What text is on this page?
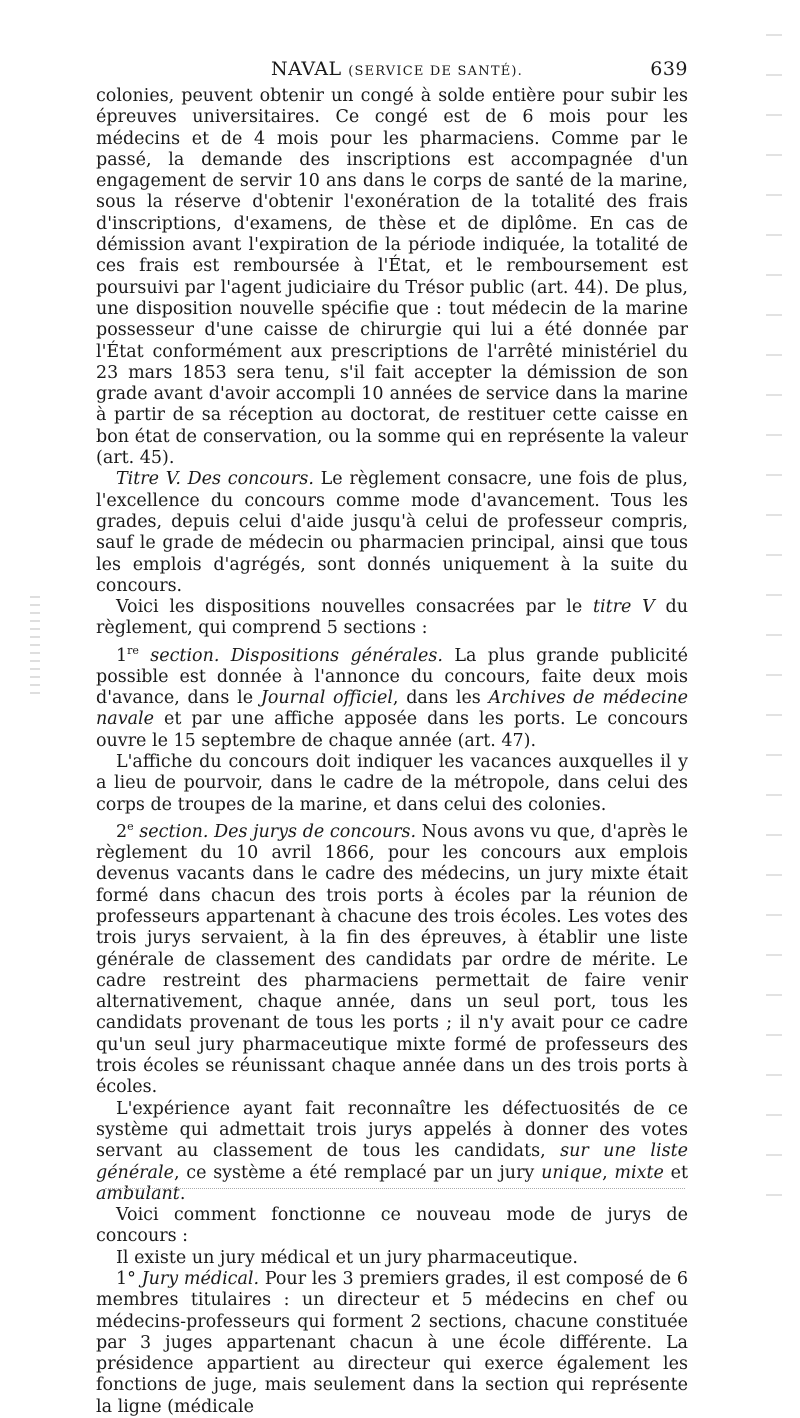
NAVAL (SERVICE DE SANTÉ).	639

colonies, peuvent obtenir un congé à solde entière pour subir les épreuves universitaires. Ce congé est de 6 mois pour les médecins et de 4 mois pour les pharmaciens. Comme par le passé, la demande des inscriptions est accompagnée d'un engagement de servir 10 ans dans le corps de santé de la marine, sous la réserve d'obtenir l'exonération de la totalité des frais d'inscriptions, d'examens, de thèse et de diplôme. En cas de démission avant l'expiration de la période indiquée, la totalité de ces frais est remboursée à l'État, et le remboursement est poursuivi par l'agent judiciaire du Trésor public (art. 44). De plus, une disposition nouvelle spécifie que : tout médecin de la marine possesseur d'une caisse de chirurgie qui lui a été donnée par l'État conformément aux prescriptions de l'arrêté ministériel du 23 mars 1853 sera tenu, s'il fait accepter la démission de son grade avant d'avoir accompli 10 années de service dans la marine à partir de sa réception au doctorat, de restituer cette caisse en bon état de conservation, ou la somme qui en représente la valeur (art. 45).

Titre V. Des concours. Le règlement consacre, une fois de plus, l'excellence du concours comme mode d'avancement. Tous les grades, depuis celui d'aide jusqu'à celui de professeur compris, sauf le grade de médecin ou pharmacien principal, ainsi que tous les emplois d'agrégés, sont donnés uniquement à la suite du concours.

Voici les dispositions nouvelles consacrées par le titre V du règlement, qui comprend 5 sections :

1re section. Dispositions générales. La plus grande publicité possible est donnée à l'annonce du concours, faite deux mois d'avance, dans le Journal officiel, dans les Archives de médecine navale et par une affiche apposée dans les ports. Le concours ouvre le 15 septembre de chaque année (art. 47).

L'affiche du concours doit indiquer les vacances auxquelles il y a lieu de pourvoir, dans le cadre de la métropole, dans celui des corps de troupes de la marine, et dans celui des colonies.

2e section. Des jurys de concours. Nous avons vu que, d'après le règlement du 10 avril 1866, pour les concours aux emplois devenus vacants dans le cadre des médecins, un jury mixte était formé dans chacun des trois ports à écoles par la réunion de professeurs appartenant à chacune des trois écoles. Les votes des trois jurys servaient, à la fin des épreuves, à établir une liste générale de classement des candidats par ordre de mérite. Le cadre restreint des pharmaciens permettait de faire venir alternativement, chaque année, dans un seul port, tous les candidats provenant de tous les ports ; il n'y avait pour ce cadre qu'un seul jury pharmaceutique mixte formé de professeurs des trois écoles se réunissant chaque année dans un des trois ports à écoles.

L'expérience ayant fait reconnaître les défectuosités de ce système qui admettait trois jurys appelés à donner des votes servant au classement de tous les candidats, sur une liste générale, ce système a été remplacé par un jury unique, mixte et ambulant.

Voici comment fonctionne ce nouveau mode de jurys de concours :

Il existe un jury médical et un jury pharmaceutique.

1° Jury médical. Pour les 3 premiers grades, il est composé de 6 membres titulaires : un directeur et 5 médecins en chef ou médecins-professeurs qui forment 2 sections, chacune constituée par 3 juges appartenant chacun à une école différente. La présidence appartient au directeur qui exerce également les fonctions de juge, mais seulement dans la section qui représente la ligne (médicale
